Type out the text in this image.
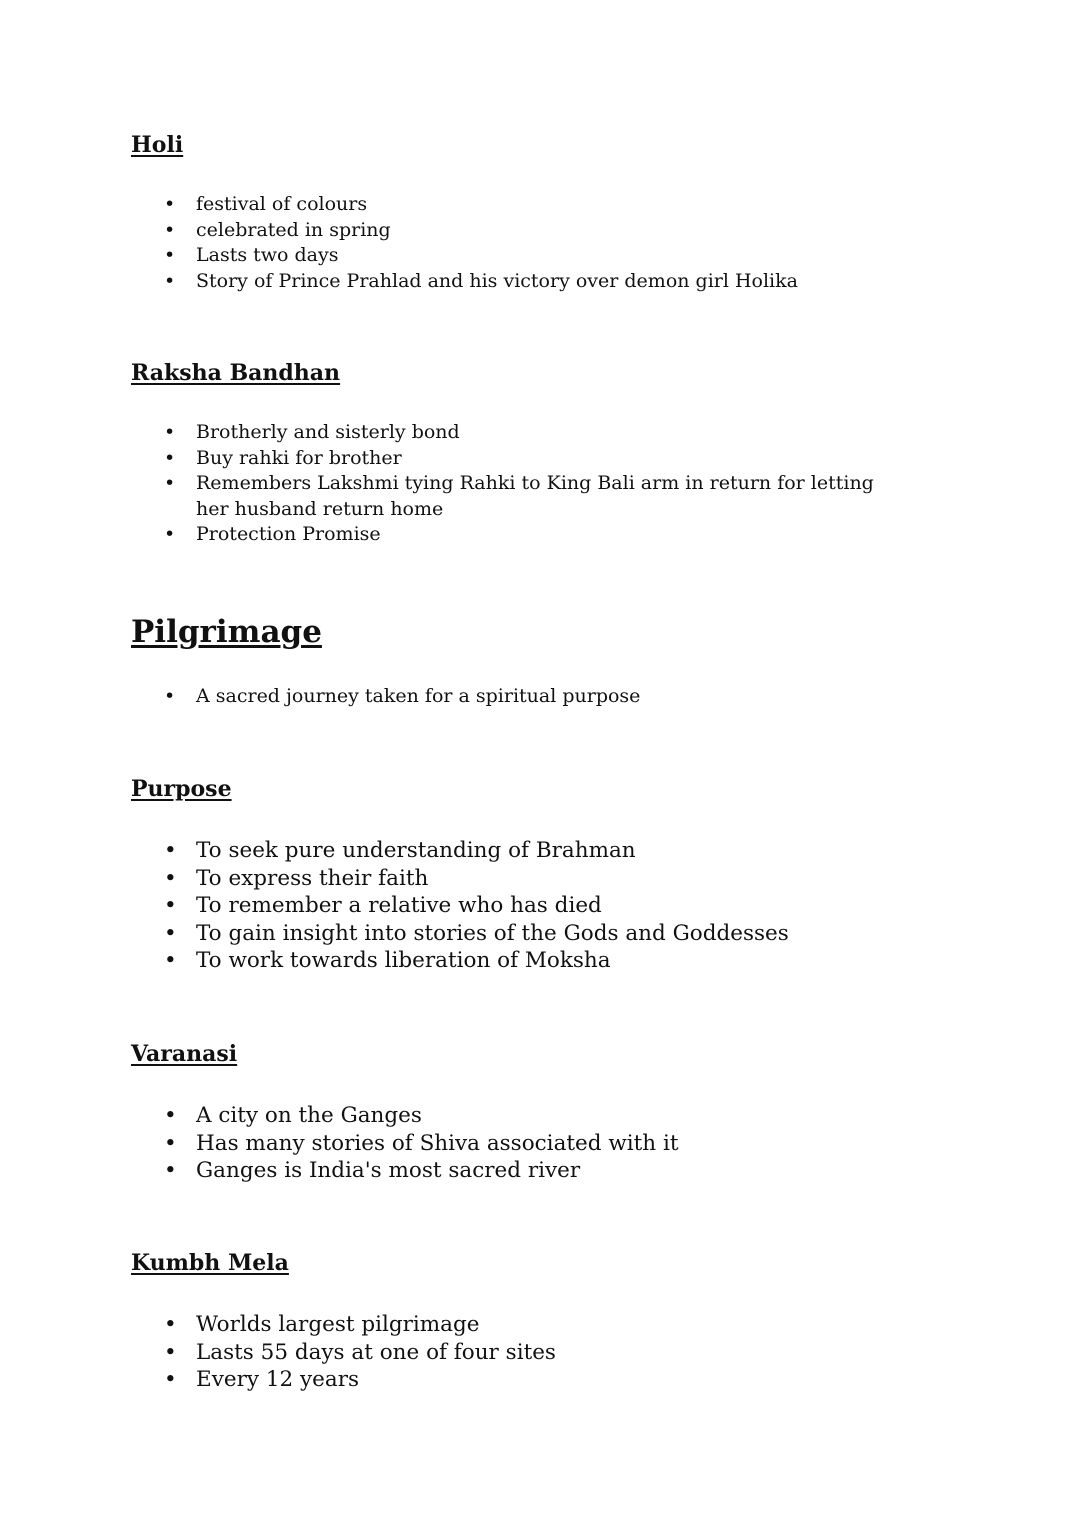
Holi
• festival of colours
• celebrated in spring
• Lasts two days
• Story of Prince Prahlad and his victory over demon girl Holika
Raksha Bandhan
• Brotherly and sisterly bond
• Buy rahki for brother
• Remembers Lakshmi tying Rahki to King Bali arm in return for letting her husband return home
• Protection Promise
Pilgrimage
• A sacred journey taken for a spiritual purpose
Purpose
• To seek pure understanding of Brahman
• To express their faith
• To remember a relative who has died
• To gain insight into stories of the Gods and Goddesses
• To work towards liberation of Moksha
Varanasi
• A city on the Ganges
• Has many stories of Shiva associated with it
• Ganges is India's most sacred river
Kumbh Mela
• Worlds largest pilgrimage
• Lasts 55 days at one of four sites
• Every 12 years
